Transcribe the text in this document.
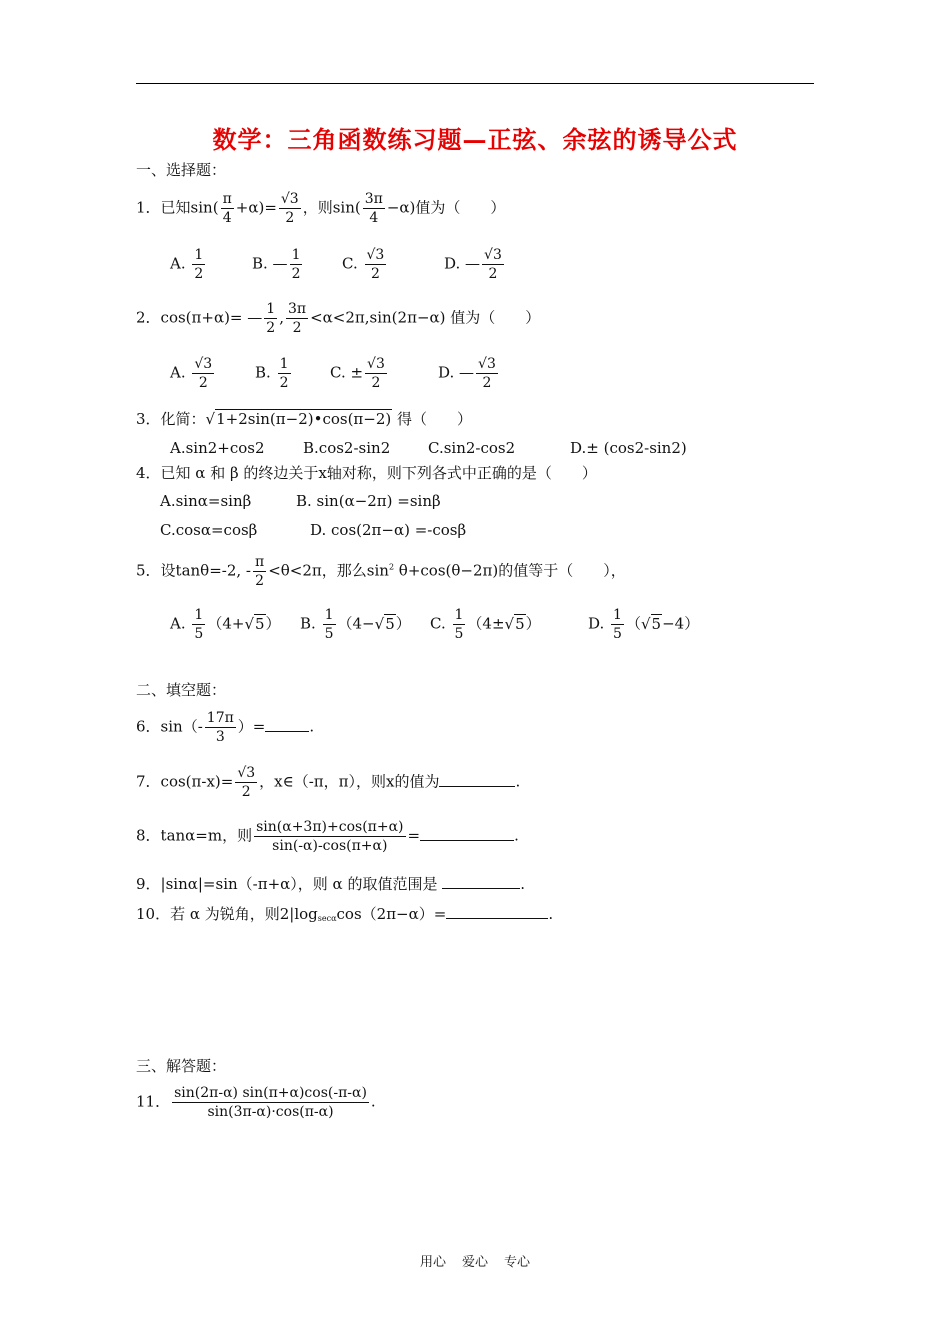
数学：三角函数练习题—正弦、余弦的诱导公式
一、选择题：
1．已知$\sin( \frac{\pi}{4} +\alpha)= \frac{√3}{2}$ ，则$\sin( \frac{3\pi}{4} -\alpha)$值为（　　）
A. $\frac{1}{2}$	B. — $\frac{1}{2}$	C. $\frac{√3}{2}$	D. — $\frac{√3}{2}$
2．cos(π+α)= — $\frac{1}{2}$ , $\frac{3\pi}{2} <\alpha<2\pi,\sin(2\pi-\alpha)$ 值为（　　）
A. $\frac{√3}{2}$	B. $\frac{1}{2}$	C. ± $\frac{√3}{2}$	D. — $\frac{√3}{2}$
3．化简：√1+2sin(π−2)•cos(π−2) 得（　　）
A.sin2+cos2	B.cos2-sin2	C.sin2-cos2	D.± (cos2-sin2)
4．已知 α 和 β 的终边关于x轴对称，则下列各式中正确的是（　　）
A.sinα=sinβ	B. sin(α−2π) =sinβ
C.cosα=cosβ	D. cos(2π−α) =-cosβ
5．设tanθ=-2, - $\frac{\pi}{2} <\theta<2\pi$，那么$\sin^2 \theta+\cos(\theta-2\pi)$的值等于（　　），
A. $\frac{1}{5} (4+√5)$ B. $\frac{1}{5} (4-√5)$ C. $\frac{1}{5} (4\pm√5)$	D. $\frac{1}{5} (√5-4)$
二、填空题：
6．$\sin(- \frac{17\pi}{3}$ ）=	.
7．$\cos(\pi-x)= \frac{√3}{2}$ ，x∈（-π，π），则x的值为	.
8．tanα=m，则 $\frac{\sin(\alpha+3\pi)+\cos(\pi+\alpha)}{\sin(-\alpha)-\cos(\pi+\alpha)}$ =	.
9．|sinα|=sin（-π+α），则 α 的取值范围是	.
10．若 α 为锐角，则$2|\log_{sec\alpha}\cos(2\pi-\alpha)=$	.
三、解答题：
11． $\frac{\sin(2\pi-\alpha) \sin(\pi+\alpha)\cos(-\pi-\alpha)}{\sin(3\pi-\alpha)\cdot\cos(\pi-\alpha)}$ .
用心 爱心 专心
